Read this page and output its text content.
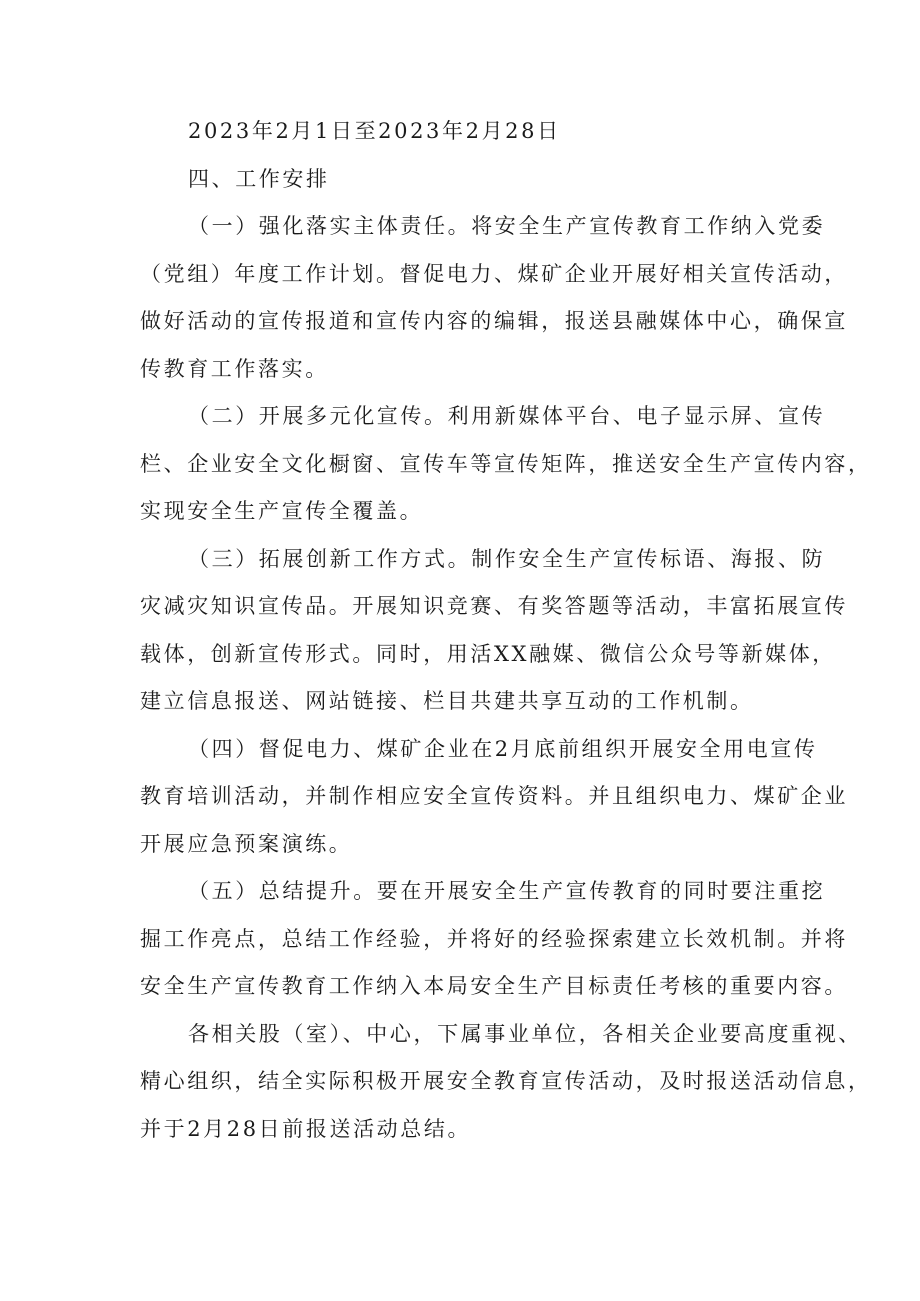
2023年2月1日至2023年2月28日
四、工作安排
（一）强化落实主体责任。将安全生产宣传教育工作纳入党委
（党组）年度工作计划。督促电力、煤矿企业开展好相关宣传活动，
做好活动的宣传报道和宣传内容的编辑，报送县融媒体中心，确保宣
传教育工作落实。
（二）开展多元化宣传。利用新媒体平台、电子显示屏、宣传
栏、企业安全文化橱窗、宣传车等宣传矩阵，推送安全生产宣传内容，
实现安全生产宣传全覆盖。
（三）拓展创新工作方式。制作安全生产宣传标语、海报、防
灾减灾知识宣传品。开展知识竞赛、有奖答题等活动，丰富拓展宣传
载体，创新宣传形式。同时，用活XX融媒、微信公众号等新媒体，
建立信息报送、网站链接、栏目共建共享互动的工作机制。
（四）督促电力、煤矿企业在2月底前组织开展安全用电宣传
教育培训活动，并制作相应安全宣传资料。并且组织电力、煤矿企业
开展应急预案演练。
（五）总结提升。要在开展安全生产宣传教育的同时要注重挖
掘工作亮点，总结工作经验，并将好的经验探索建立长效机制。并将
安全生产宣传教育工作纳入本局安全生产目标责任考核的重要内容。
各相关股（室）、中心，下属事业单位，各相关企业要高度重视、
精心组织，结全实际积极开展安全教育宣传活动，及时报送活动信息，
并于2月28日前报送活动总结。
